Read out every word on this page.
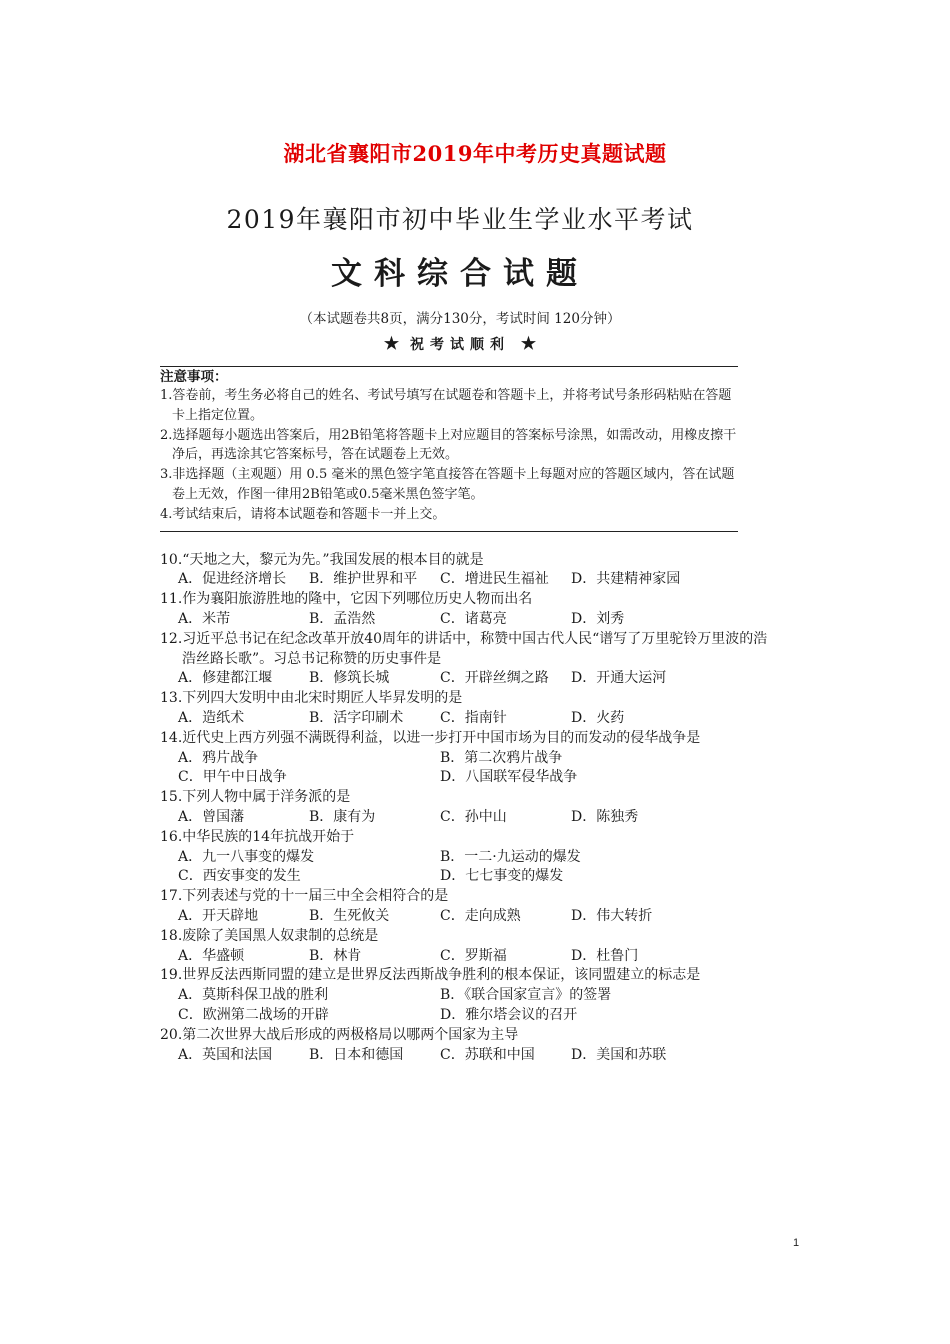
湖北省襄阳市2019年中考历史真题试题
2019年襄阳市初中毕业生学业水平考试
文科综合试题
（本试题卷共8页，满分130分，考试时间 120分钟）
★ 祝考试顺利 ★
注意事项：
1.答卷前，考生务必将自己的姓名、考试号填写在试题卷和答题卡上，并将考试号条形码粘贴在答题卡上指定位置。
2.选择题每小题选出答案后，用2B铅笔将答题卡上对应题目的答案标号涂黑，如需改动，用橡皮擦干净后，再选涂其它答案标号，答在试题卷上无效。
3.非选择题（主观题）用 0.5 毫米的黑色签字笔直接答在答题卡上每题对应的答题区域内，答在试题卷上无效，作图一律用2B铅笔或0.5毫米黑色签字笔。
4.考试结束后，请将本试题卷和答题卡一并上交。
10.“天地之大，黎元为先。”我国发展的根本目的就是
A．促进经济增长	B．维护世界和平	C．增进民生福祉	D．共建精神家园
11.作为襄阳旅游胜地的隆中，它因下列哪位历史人物而出名
A．米芾	B．孟浩然	C．诸葛亮	D．刘秀
12.习近平总书记在纪念改革开放40周年的讲话中，称赞中国古代人民“谱写了万里驼铃万里波的浩浩丝路长歌”。习总书记称赞的历史事件是
A．修建都江堰	B．修筑长城	C．开辟丝绸之路	D．开通大运河
13.下列四大发明中由北宋时期匠人毕昇发明的是
A．造纸术	B．活字印刷术	C．指南针	D．火药
14.近代史上西方列强不满既得利益，以进一步打开中国市场为目的而发动的侵华战争是
A．鸦片战争	B．第二次鸦片战争
C．甲午中日战争	D．八国联军侵华战争
15.下列人物中属于洋务派的是
A．曾国藩	B．康有为	C．孙中山	D．陈独秀
16.中华民族的14年抗战开始于
A．九一八事变的爆发	B．一二·九运动的爆发
C．西安事变的发生	D．七七事变的爆发
17.下列表述与党的十一届三中全会相符合的是
A．开天辟地	B．生死攸关	C．走向成熟	D．伟大转折
18.废除了美国黑人奴隶制的总统是
A．华盛顿	B．林肯	C．罗斯福	D．杜鲁门
19.世界反法西斯同盟的建立是世界反法西斯战争胜利的根本保证，该同盟建立的标志是
A．莫斯科保卫战的胜利	B．《联合国家宣言》的签署
C．欧洲第二战场的开辟	D．雅尔塔会议的召开
20.第二次世界大战后形成的两极格局以哪两个国家为主导
A．英国和法国	B．日本和德国	C．苏联和中国	D．美国和苏联
1
